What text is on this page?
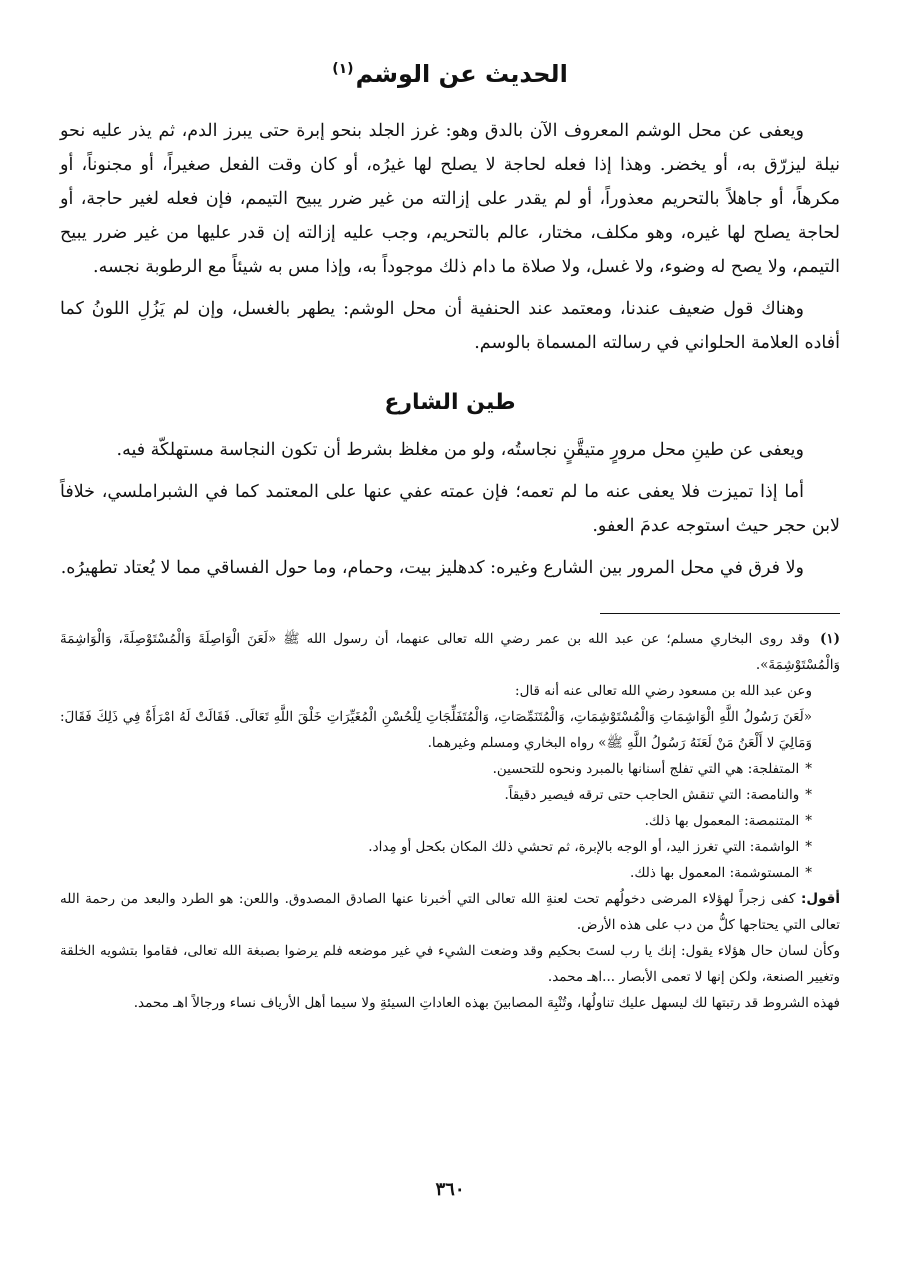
الحديث عن الوشم$^{(١)}$

ويعفى عن محل الوشم المعروف الآن بالدق وهو: غرز الجلد بنحو إبرة حتى يبرز الدم، ثم يذر عليه نحو نيلة ليزرّق به، أو يخضر. وهذا إذا فعله لحاجة لا يصلح لها غيرُه، أو كان وقت الفعل صغيراً، أو مجنوناً، أو مكرهاً، أو جاهلاً بالتحريم معذوراً، أو لم يقدر على إزالته من غير ضرر يبيح التيمم، فإن فعله لغير حاجة، أو لحاجة يصلح لها غيره، وهو مكلف، مختار، عالم بالتحريم، وجب عليه إزالته إن قدر عليها من غير ضرر يبيح التيمم، ولا يصح له وضوء، ولا غسل، ولا صلاة ما دام ذلك موجوداً به، وإذا مس به شيئاً مع الرطوبة نجسه.

وهناك قول ضعيف عندنا، ومعتمد عند الحنفية أن محل الوشم: يطهر بالغسل، وإن لم يَزُلِ اللونُ كما أفاده العلامة الحلواني في رسالته المسماة بالوسم.

طين الشارع

ويعفى عن طينِ محل مرورٍ متيقَّنٍ نجاستُه، ولو من مغلظ بشرط أن تكون النجاسة مستهلكّة فيه.

أما إذا تميزت فلا يعفى عنه ما لم تعمه؛ فإن عمته عفي عنها على المعتمد كما في الشبراملسي، خلافاً لابن حجر حيث استوجه عدمَ العفو.

ولا فرق في محل المرور بين الشارع وغيره: كدهليز بيت، وحمام، وما حول الفساقي مما لا يُعتاد تطهيرُه.

(١)وقد روى البخاري مسلم؛ عن عبد الله بن عمر رضي الله تعالى عنهما، أن رسول الله ﷺ «لَعَنَ الْوَاصِلَةَ وَالْمُسْتَوْصِلَةَ، وَالْوَاشِمَةَ وَالْمُسْتَوْشِمَةَ».

وعن عبد الله بن مسعود رضي الله تعالى عنه أنه قال:

«لَعَنَ رَسُولُ اللَّهِ الْوَاشِمَاتِ وَالْمُسْتَوْشِمَاتِ، وَالْمُتَنَمِّصَاتِ، وَالْمُتَفَلِّجَاتِ لِلْحُسْنِ الْمُغَيِّرَاتِ خَلْقَ اللَّهِ تَعَالَى. فَقَالَتْ لَهُ امْرَأَةٌ فِي ذَلِكَ فَقَالَ: وَمَالِيَ لا أَلْعَنُ مَنْ لَعَنَهُ رَسُولُ اللَّهِ ﷺ» رواه البخاري ومسلم وغيرهما.

*المتفلجة: هي التي تفلج أسنانها بالمبرد ونحوه للتحسين.

*والنامصة: التي تنقش الحاجب حتى ترقه فيصير دقيقاً.

*المتنمصة: المعمول بها ذلك.

*الواشمة: التي تغرز اليد، أو الوجه بالإبرة، ثم تحشي ذلك المكان بكحل أو مِداد.

*المستوشمة: المعمول بها ذلك.

أقول: كفى زجراً لهؤلاء المرضى دخولُهم تحت لعنةِ الله تعالى التي أخبرنا عنها الصادق المصدوق. واللعن: هو الطرد والبعد من رحمة الله تعالى التي يحتاجها كلُّ من دب على هذه الأرض.

وكأن لسان حال هؤلاء يقول: إنك يا رب لستَ بحكيم وقد وضعت الشيء في غير موضعه فلم يرضوا بصبغة الله تعالى، فقاموا بتشويه الخلقة وتغيير الصنعة، ولكن إنها لا تعمى الأبصار ...اهـ محمد.

فهذه الشروط قد رتبتها لك ليسهل عليك تناولُها، وتُنْبِهَ المصابينَ بهذه العاداتِ السيئةِ ولا سيما أهل الأرياف نساء ورجالاً اهـ محمد.

٣٦٠
